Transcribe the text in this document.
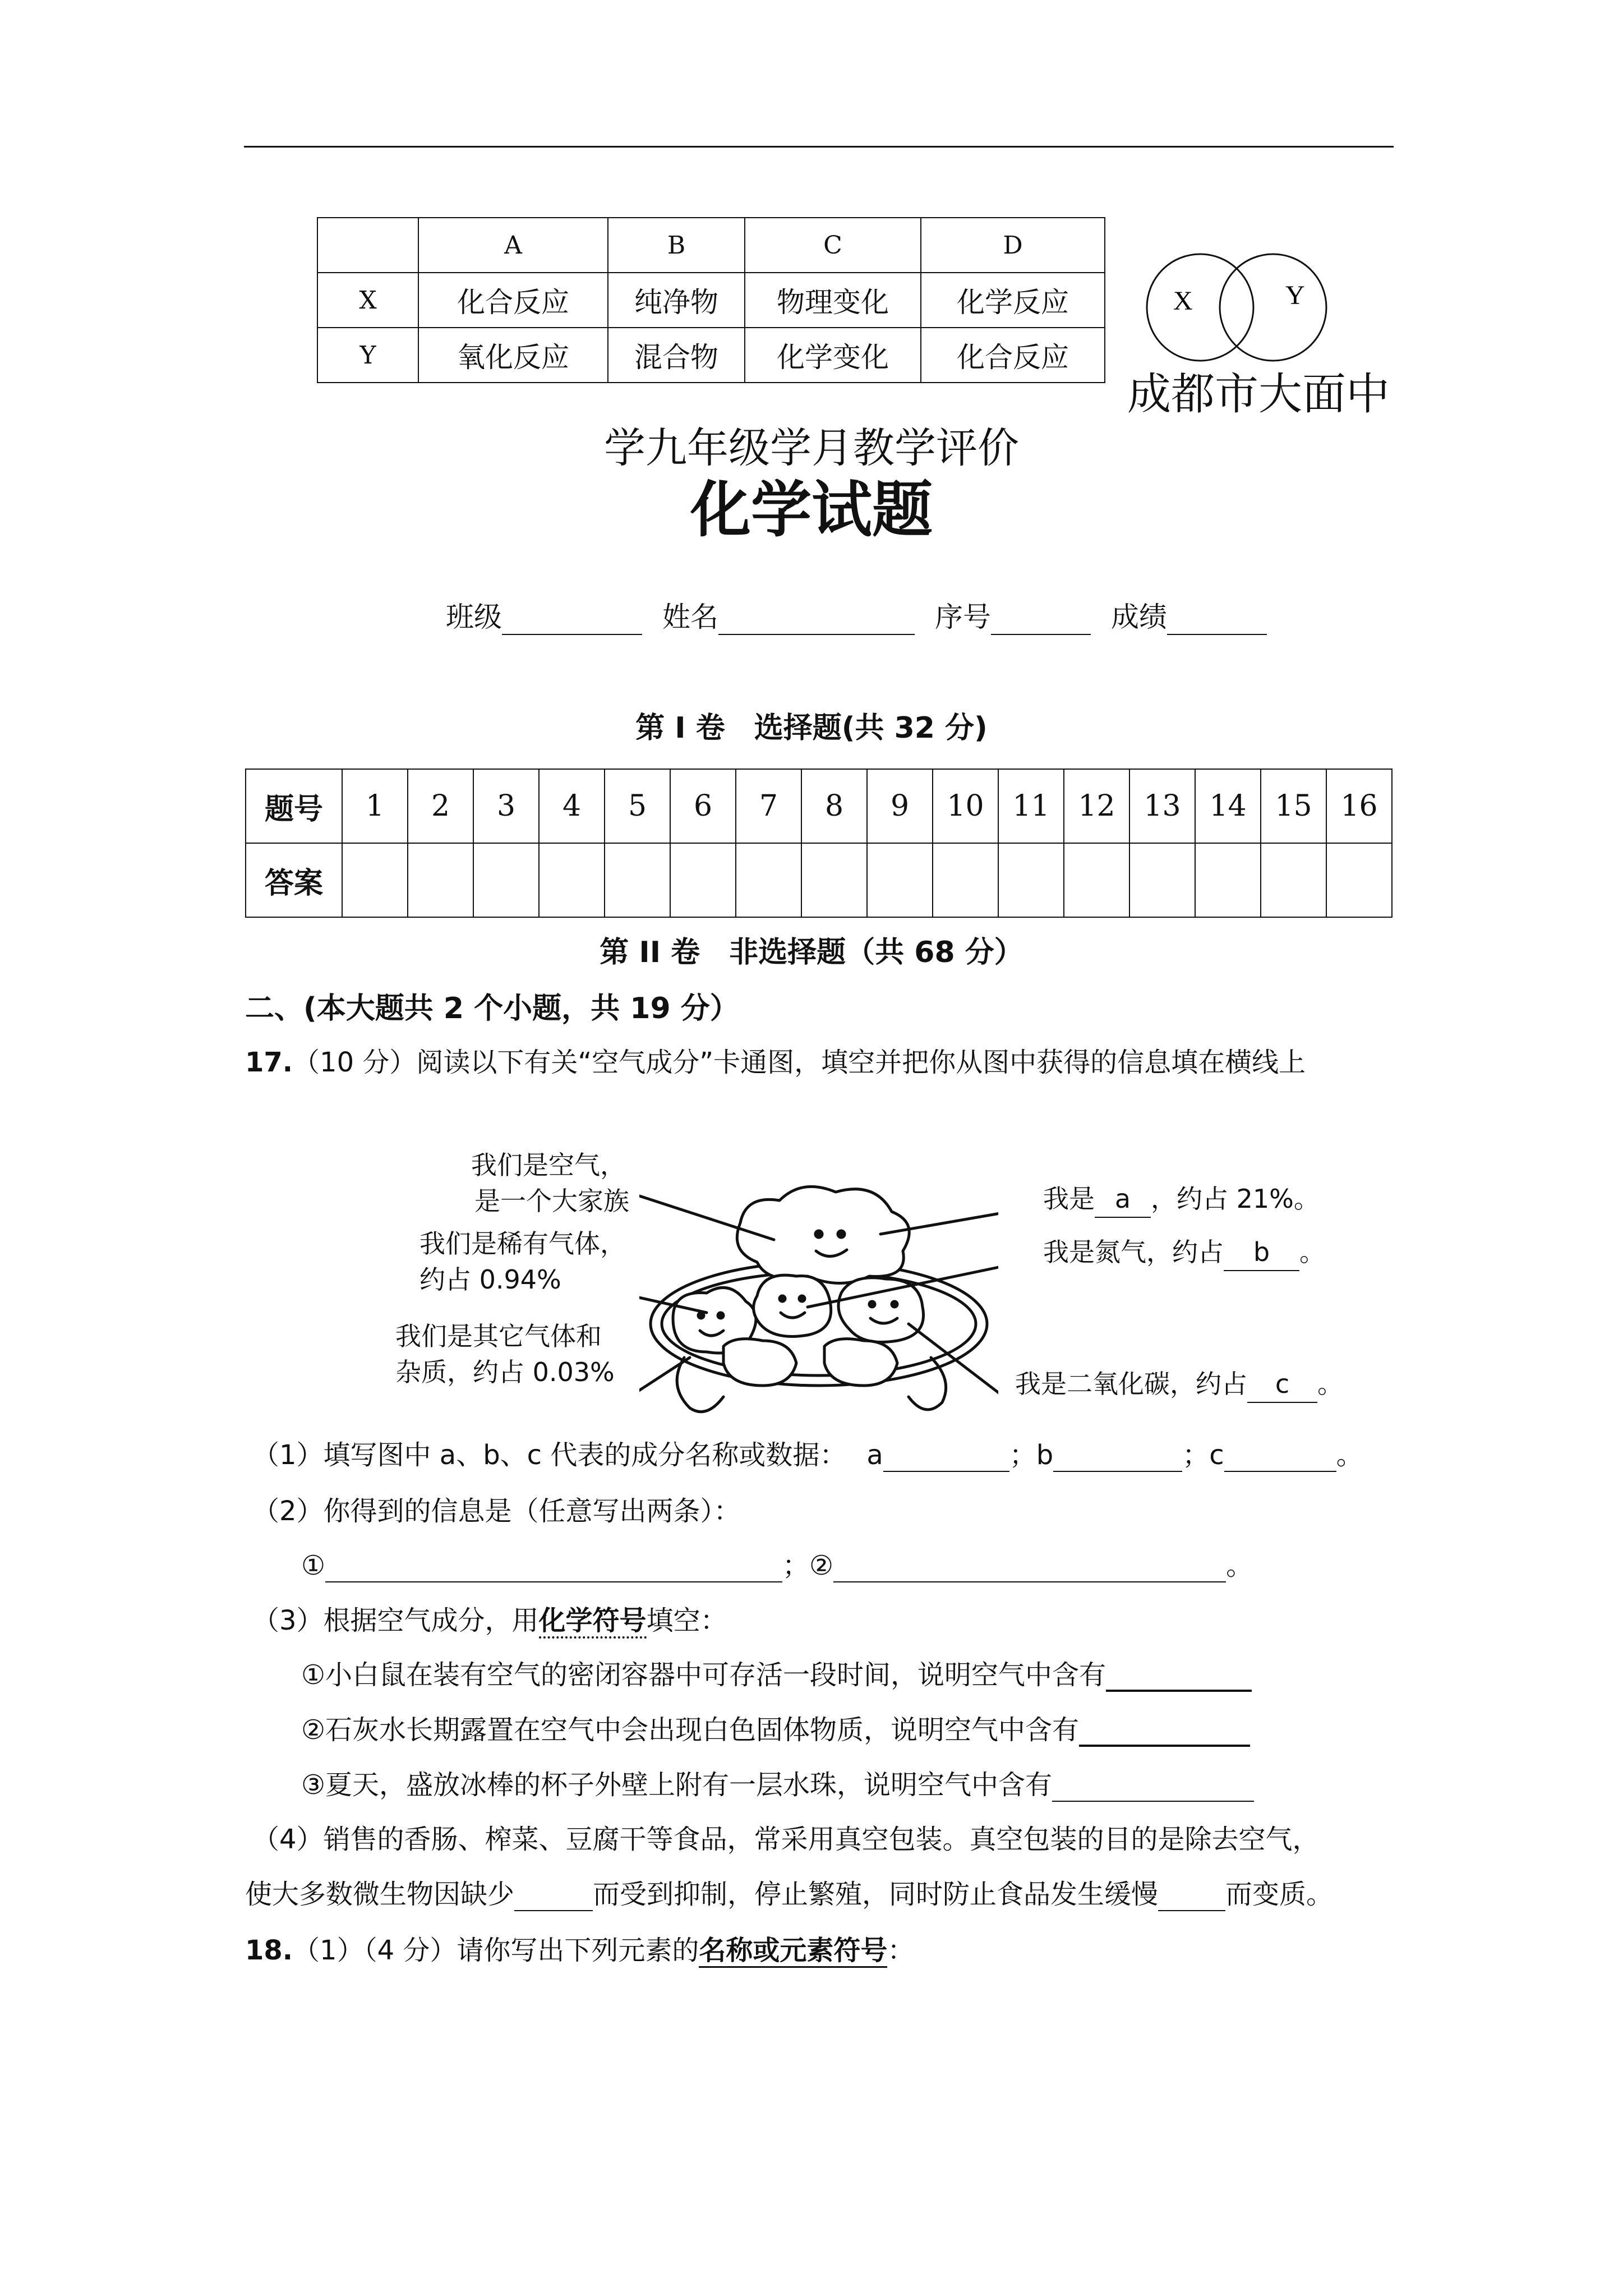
	A	B	C	D
X	化合反应	纯净物	物理变化	化学反应
Y	氧化反应	混合物	化学变化	化合反应
X	Y
成都市大面中
学九年级学月教学评价
化学试题
班级	姓名	序号	成绩
第 I 卷　选择题(共 32 分)
题号	1	2	3	4	5	6	7	8	9	10	11	12	13	14	15	16
答案																
第 II 卷　非选择题（共 68 分）
二、(本大题共 2 个小题，共 19 分）
17.（10 分）阅读以下有关“空气成分”卡通图，填空并把你从图中获得的信息填在横线上
我们是空气，
是一个大家族
我们是稀有气体，
约占 0.94%
我们是其它气体和
杂质，约占 0.03%
我是 a ，约占 21%。
我是氮气，约占 b 。
我是二氧化碳，约占 c 。
（1）填写图中 a、b、c 代表的成分名称或数据： a	；b	；c	。
（2）你得到的信息是（任意写出两条）：
①	；②	。
（3）根据空气成分，用化学符号填空：
①小白鼠在装有空气的密闭容器中可存活一段时间，说明空气中含有
②石灰水长期露置在空气中会出现白色固体物质，说明空气中含有
③夏天，盛放冰棒的杯子外壁上附有一层水珠，说明空气中含有
（4）销售的香肠、榨菜、豆腐干等食品，常采用真空包装。真空包装的目的是除去空气，
使大多数微生物因缺少	而受到抑制，停止繁殖，同时防止食品发生缓慢	而变质。
18.（1）（4 分）请你写出下列元素的名称或元素符号：
